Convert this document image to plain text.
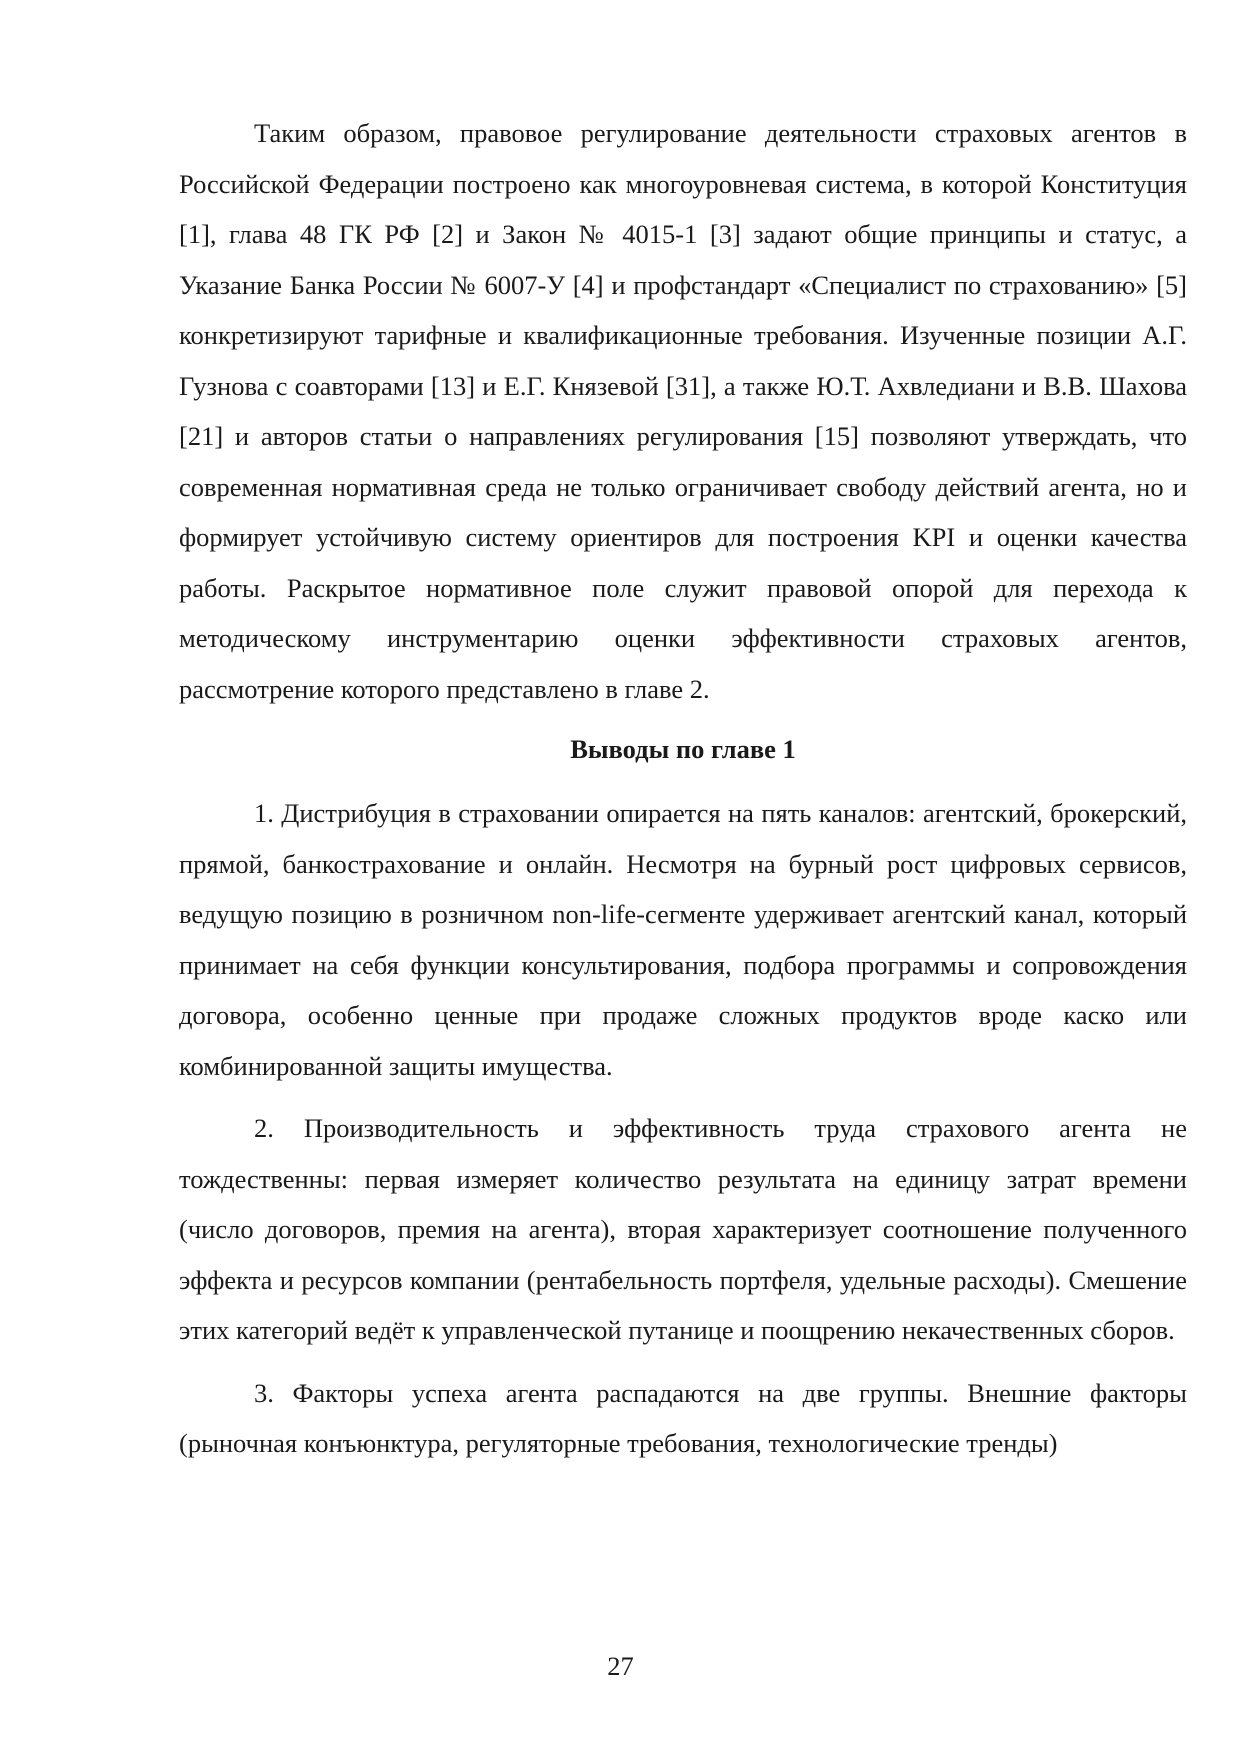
Таким образом, правовое регулирование деятельности страховых агентов в Российской Федерации построено как многоуровневая система, в которой Конституция [1], глава 48 ГК РФ [2] и Закон № 4015-1 [3] задают общие принципы и статус, а Указание Банка России № 6007-У [4] и профстандарт «Специалист по страхованию» [5] конкретизируют тарифные и квалификационные требования. Изученные позиции А.Г. Гузнова с соавторами [13] и Е.Г. Князевой [31], а также Ю.Т. Ахвледиани и В.В. Шахова [21] и авторов статьи о направлениях регулирования [15] позволяют утверждать, что современная нормативная среда не только ограничивает свободу действий агента, но и формирует устойчивую систему ориентиров для построения KPI и оценки качества работы. Раскрытое нормативное поле служит правовой опорой для перехода к методическому инструментарию оценки эффективности страховых агентов, рассмотрение которого представлено в главе 2.

Выводы по главе 1

1. Дистрибуция в страховании опирается на пять каналов: агентский, брокерский, прямой, банкострахование и онлайн. Несмотря на бурный рост цифровых сервисов, ведущую позицию в розничном non-life-сегменте удерживает агентский канал, который принимает на себя функции консультирования, подбора программы и сопровождения договора, особенно ценные при продаже сложных продуктов вроде каско или комбинированной защиты имущества.

2. Производительность и эффективность труда страхового агента не тождественны: первая измеряет количество результата на единицу затрат времени (число договоров, премия на агента), вторая характеризует соотношение полученного эффекта и ресурсов компании (рентабельность портфеля, удельные расходы). Смешение этих категорий ведёт к управленческой путанице и поощрению некачественных сборов.

3. Факторы успеха агента распадаются на две группы. Внешние факторы (рыночная конъюнктура, регуляторные требования, технологические тренды)

27
